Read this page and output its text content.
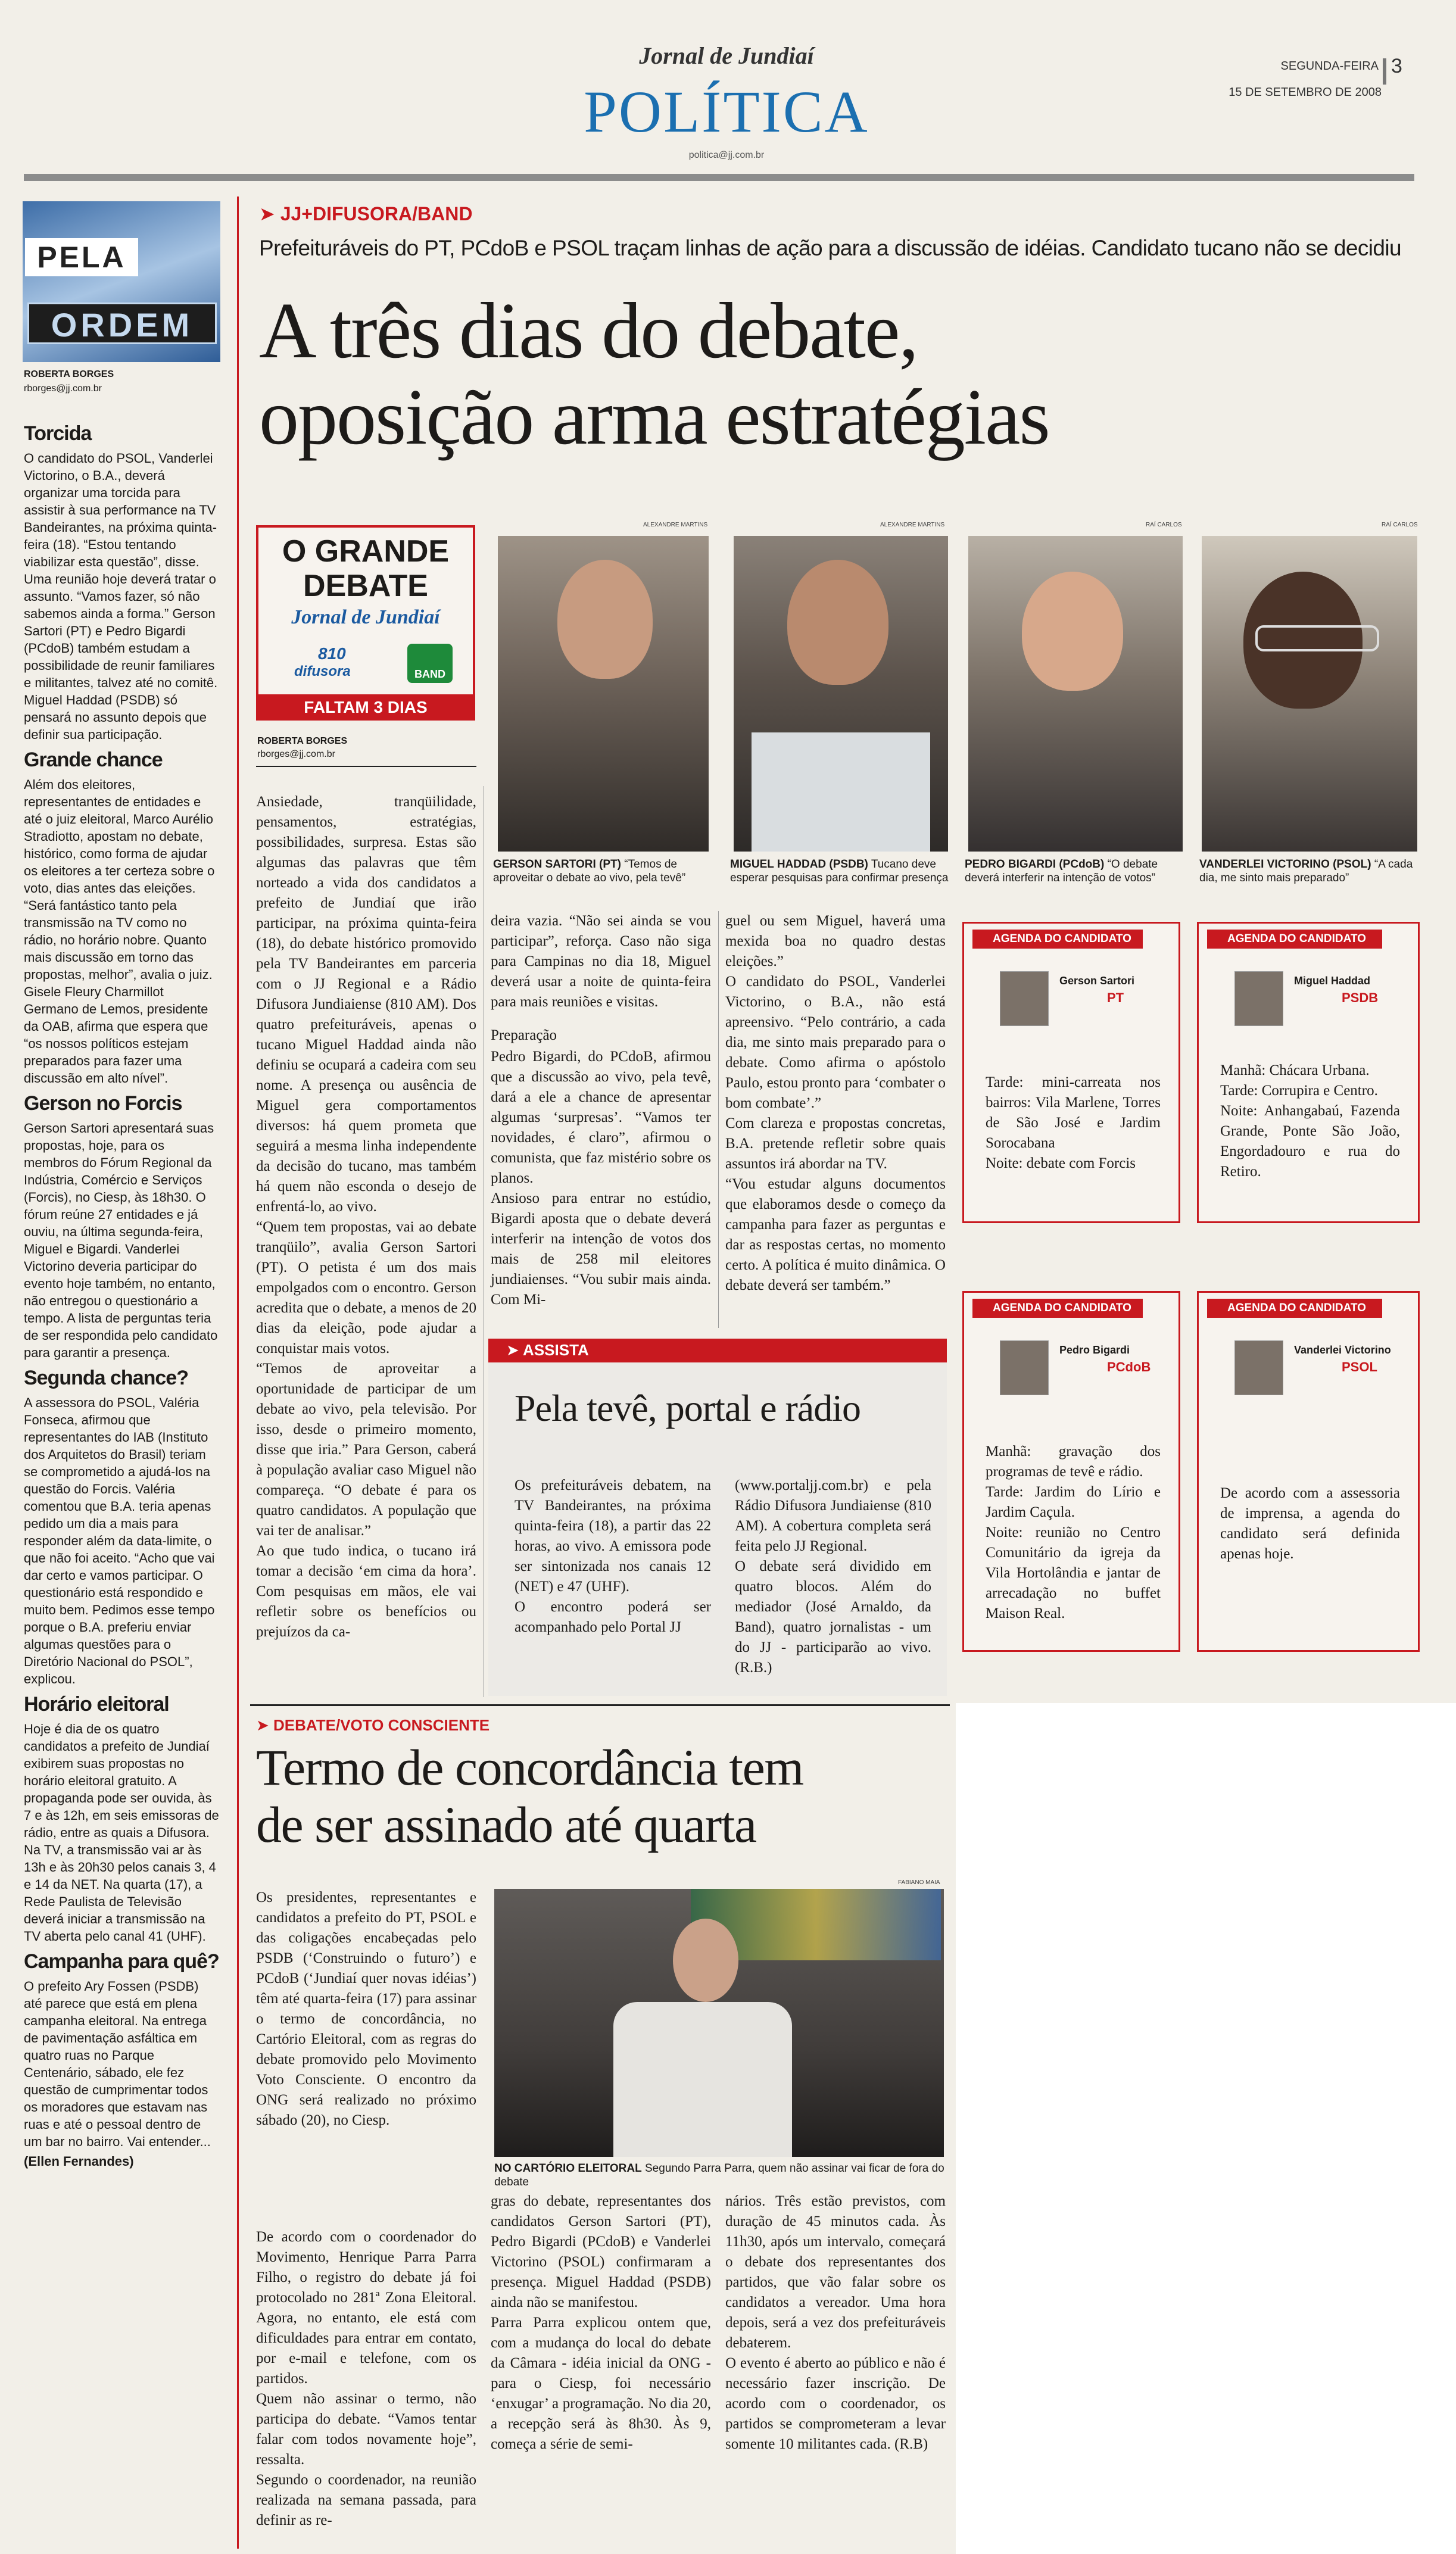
Jornal de Jundiaí
POLÍTICA
politica@jj.com.br
SEGUNDA-FEIRA 3
15 DE SETEMBRO DE 2008
PELA
ORDEM
ROBERTA BORGES
rborges@jj.com.br
Torcida

O candidato do PSOL, Vanderlei Victorino, o B.A., deverá organizar uma torcida para assistir à sua performance na TV Bandeirantes, na próxima quinta-feira (18). “Estou tentando viabilizar esta questão”, disse. Uma reunião hoje deverá tratar o assunto. “Vamos fazer, só não sabemos ainda a forma.” Gerson Sartori (PT) e Pedro Bigardi (PCdoB) também estudam a possibilidade de reunir familiares e militantes, talvez até no comitê. Miguel Haddad (PSDB) só pensará no assunto depois que definir sua participação.

Grande chance

Além dos eleitores, representantes de entidades e até o juiz eleitoral, Marco Aurélio Stradiotto, apostam no debate, histórico, como forma de ajudar os eleitores a ter certeza sobre o voto, dias antes das eleições. “Será fantástico tanto pela transmissão na TV como no rádio, no horário nobre. Quanto mais discussão em torno das propostas, melhor”, avalia o juiz. Gisele Fleury Charmillot Germano de Lemos, presidente da OAB, afirma que espera que “os nossos políticos estejam preparados para fazer uma discussão em alto nível”.

Gerson no Forcis

Gerson Sartori apresentará suas propostas, hoje, para os membros do Fórum Regional da Indústria, Comércio e Serviços (Forcis), no Ciesp, às 18h30. O fórum reúne 27 entidades e já ouviu, na última segunda-feira, Miguel e Bigardi. Vanderlei Victorino deveria participar do evento hoje também, no entanto, não entregou o questionário a tempo. A lista de perguntas teria de ser respondida pelo candidato para garantir a presença.

Segunda chance?

A assessora do PSOL, Valéria Fonseca, afirmou que representantes do IAB (Instituto dos Arquitetos do Brasil) teriam se comprometido a ajudá-los na questão do Forcis. Valéria comentou que B.A. teria apenas pedido um dia a mais para responder além da data-limite, o que não foi aceito. “Acho que vai dar certo e vamos participar. O questionário está respondido e muito bem. Pedimos esse tempo porque o B.A. preferiu enviar algumas questões para o Diretório Nacional do PSOL”, explicou.

Horário eleitoral

Hoje é dia de os quatro candidatos a prefeito de Jundiaí exibirem suas propostas no horário eleitoral gratuito. A propaganda pode ser ouvida, às 7 e às 12h, em seis emissoras de rádio, entre as quais a Difusora. Na TV, a transmissão vai ar às 13h e às 20h30 pelos canais 3, 4 e 14 da NET. Na quarta (17), a Rede Paulista de Televisão deverá iniciar a transmissão na TV aberta pelo canal 41 (UHF).

Campanha para quê?

O prefeito Ary Fossen (PSDB) até parece que está em plena campanha eleitoral. Na entrega de pavimentação asfáltica em quatro ruas no Parque Centenário, sábado, ele fez questão de cumprimentar todos os moradores que estavam nas ruas e até o pessoal dentro de um bar no bairro. Vai entender...

(Ellen Fernandes)

➤ JJ+DIFUSORA/BAND
Prefeituráveis do PT, PCdoB e PSOL traçam linhas de ação para a discussão de idéias. Candidato tucano não se decidiu
A três dias do debate,
oposição arma estratégias
O GRANDE
DEBATE
Jornal de Jundiaí
810
difusora	BAND
FALTAM 3 DIAS
ROBERTA BORGES
rborges@jj.com.br
ALEXANDRE MARTINS
GERSON SARTORI (PT) “Temos de aproveitar o debate ao vivo, pela tevê”
ALEXANDRE MARTINS
MIGUEL HADDAD (PSDB) Tucano deve esperar pesquisas para confirmar presença
RAÍ CARLOS
PEDRO BIGARDI (PCdoB) “O debate deverá interferir na intenção de votos”
RAÍ CARLOS
VANDERLEI VICTORINO (PSOL) “A cada dia, me sinto mais preparado”

Ansiedade, tranqüilidade, pensamentos, estratégias, possibilidades, surpresa. Estas são algumas das palavras que têm norteado a vida dos candidatos a prefeito de Jundiaí que irão participar, na próxima quinta-feira (18), do debate histórico promovido pela TV Bandeirantes em parceria com o JJ Regional e a Rádio Difusora Jundiaiense (810 AM). Dos quatro prefeituráveis, apenas o tucano Miguel Haddad ainda não definiu se ocupará a cadeira com seu nome. A presença ou ausência de Miguel gera comportamentos diversos: há quem prometa que seguirá a mesma linha independente da decisão do tucano, mas também há quem não esconda o desejo de enfrentá-lo, ao vivo.
“Quem tem propostas, vai ao debate tranqüilo”, avalia Gerson Sartori (PT). O petista é um dos mais empolgados com o encontro. Gerson acredita que o debate, a menos de 20 dias da eleição, pode ajudar a conquistar mais votos.
“Temos de aproveitar a oportunidade de participar de um debate ao vivo, pela televisão. Por isso, desde o primeiro momento, disse que iria.” Para Gerson, caberá à população avaliar caso Miguel não compareça. “O debate é para os quatro candidatos. A população que vai ter de analisar.”
Ao que tudo indica, o tucano irá tomar a decisão ‘em cima da hora’. Com pesquisas em mãos, ele vai refletir sobre os benefícios ou prejuízos da ca-

deira vazia. “Não sei ainda se vou participar”, reforça. Caso não siga para Campinas no dia 18, Miguel deverá usar a noite de quinta-feira para mais reuniões e visitas.

Preparação

Pedro Bigardi, do PCdoB, afirmou que a discussão ao vivo, pela tevê, dará a ele a chance de apresentar algumas ‘surpresas’. “Vamos ter novidades, é claro”, afirmou o comunista, que faz mistério sobre os planos.
Ansioso para entrar no estúdio, Bigardi aposta que o debate deverá interferir na intenção de votos dos mais de 258 mil eleitores jundiaienses. “Vou subir mais ainda. Com Mi-

guel ou sem Miguel, haverá uma mexida boa no quadro destas eleições.”
O candidato do PSOL, Vanderlei Victorino, o B.A., não está apreensivo. “Pelo contrário, a cada dia, me sinto mais preparado para o debate. Como afirma o apóstolo Paulo, estou pronto para ‘combater o bom combate’.”
Com clareza e propostas concretas, B.A. pretende refletir sobre quais assuntos irá abordar na TV.
“Vou estudar alguns documentos que elaboramos desde o começo da campanha para fazer as perguntas e dar as respostas certas, no momento certo. A política é muito dinâmica. O debate deverá ser também.”

➤ ASSISTA
Pela tevê, portal e rádio

Os prefeituráveis debatem, na TV Bandeirantes, na próxima quinta-feira (18), a partir das 22 horas, ao vivo. A emissora pode ser sintonizada nos canais 12 (NET) e 47 (UHF).
O encontro poderá ser acompanhado pelo Portal JJ

(www.portaljj.com.br) e pela Rádio Difusora Jundiaiense (810 AM). A cobertura completa será feita pelo JJ Regional.
O debate será dividido em quatro blocos. Além do mediador (José Arnaldo, da Band), quatro jornalistas - um do JJ - participarão ao vivo. (R.B.)

AGENDA DO CANDIDATO
Gerson Sartori
PT
Tarde: mini-carreata nos bairros: Vila Marlene, Torres de São José e Jardim Sorocabana
Noite: debate com Forcis
AGENDA DO CANDIDATO
Miguel Haddad
PSDB
Manhã: Chácara Urbana.
Tarde: Corrupira e Centro.
Noite: Anhangabaú, Fazenda Grande, Ponte São João, Engordadouro e rua do Retiro.
AGENDA DO CANDIDATO
Pedro Bigardi
PCdoB
Manhã: gravação dos programas de tevê e rádio.
Tarde: Jardim do Lírio e Jardim Caçula.
Noite: reunião no Centro Comunitário da igreja da Vila Hortolândia e jantar de arrecadação no buffet Maison Real.
AGENDA DO CANDIDATO
Vanderlei Victorino
PSOL
De acordo com a assessoria de imprensa, a agenda do candidato será definida apenas hoje.
➤ DEBATE/VOTO CONSCIENTE
Termo de concordância tem
de ser assinado até quarta

Os presidentes, representantes e candidatos a prefeito do PT, PSOL e das coligações encabeçadas pelo PSDB (‘Construindo o futuro’) e PCdoB (‘Jundiaí quer novas idéias’) têm até quarta-feira (17) para assinar o termo de concordância, no Cartório Eleitoral, com as regras do debate promovido pelo Movimento Voto Consciente. O encontro da ONG será realizado no próximo sábado (20), no Ciesp.

FABIANO MAIA
NO CARTÓRIO ELEITORAL Segundo Parra Parra, quem não assinar vai ficar de fora do debate

De acordo com o coordenador do Movimento, Henrique Parra Parra Filho, o registro do debate já foi protocolado no 281ª Zona Eleitoral. Agora, no entanto, ele está com dificuldades para entrar em contato, por e-mail e telefone, com os partidos.
Quem não assinar o termo, não participa do debate. “Vamos tentar falar com todos novamente hoje”, ressalta.
Segundo o coordenador, na reunião realizada na semana passada, para definir as re-

gras do debate, representantes dos candidatos Gerson Sartori (PT), Pedro Bigardi (PCdoB) e Vanderlei Victorino (PSOL) confirmaram a presença. Miguel Haddad (PSDB) ainda não se manifestou.
Parra Parra explicou ontem que, com a mudança do local do debate da Câmara - idéia inicial da ONG - para o Ciesp, foi necessário ‘enxugar’ a programação. No dia 20, a recepção será às 8h30. Às 9, começa a série de semi-

nários. Três estão previstos, com duração de 45 minutos cada. Às 11h30, após um intervalo, começará o debate dos representantes dos partidos, que vão falar sobre os candidatos a vereador. Uma hora depois, será a vez dos prefeituráveis debaterem.
O evento é aberto ao público e não é necessário fazer inscrição. De acordo com o coordenador, os partidos se comprometeram a levar somente 10 militantes cada. (R.B)
